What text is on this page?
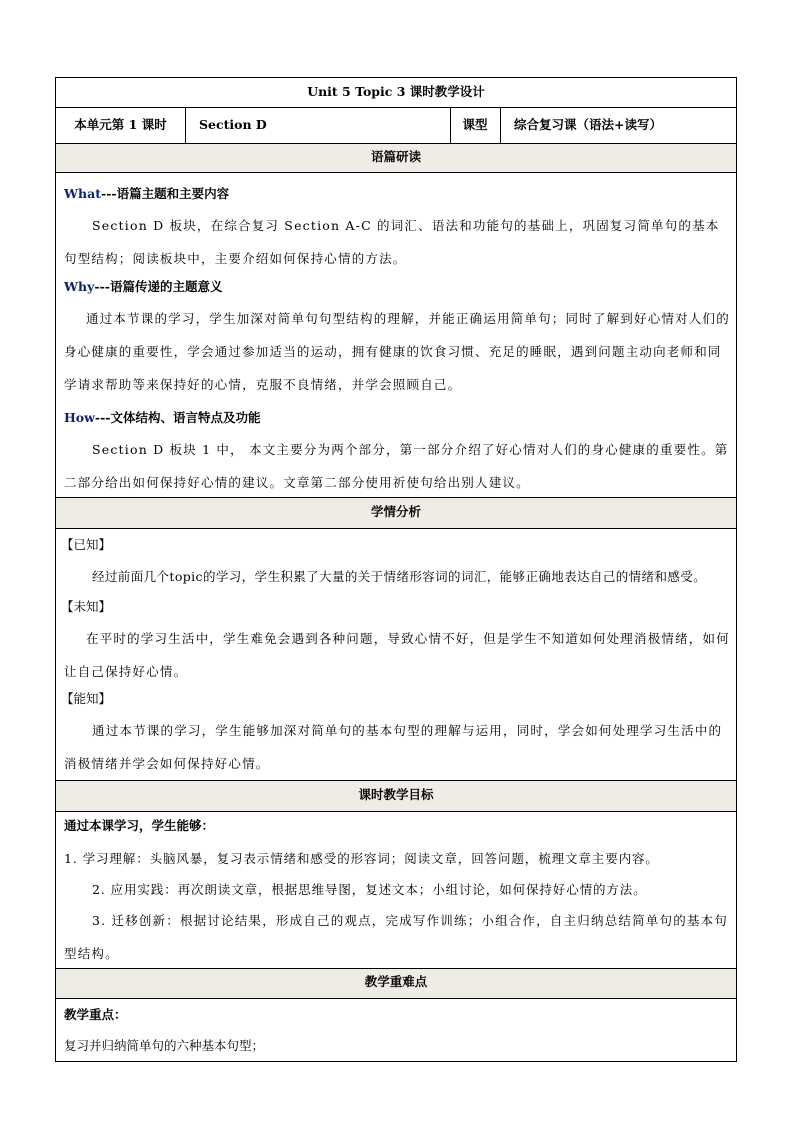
Unit 5 Topic 3 课时教学设计
本单元第 1 课时	Section D	课型	综合复习课（语法+读写）
语篇研读
What---语篇主题和主要内容
Section D 板块，在综合复习 Section A-C 的词汇、语法和功能句的基础上，巩固复习简单句的基本句型结构；阅读板块中，主要介绍如何保持心情的方法。
Why---语篇传递的主题意义
通过本节课的学习，学生加深对简单句句型结构的理解，并能正确运用简单句；同时了解到好心情对人们的身心健康的重要性，学会通过参加适当的运动，拥有健康的饮食习惯、充足的睡眠，遇到问题主动向老师和同学请求帮助等来保持好的心情，克服不良情绪，并学会照顾自己。
How---文体结构、语言特点及功能
Section D 板块 1 中， 本文主要分为两个部分，第一部分介绍了好心情对人们的身心健康的重要性。第二部分给出如何保持好心情的建议。文章第二部分使用祈使句给出别人建议。
学情分析
【已知】
经过前面几个topic的学习，学生积累了大量的关于情绪形容词的词汇，能够正确地表达自己的情绪和感受。
【未知】
在平时的学习生活中，学生难免会遇到各种问题，导致心情不好，但是学生不知道如何处理消极情绪，如何让自己保持好心情。
【能知】
通过本节课的学习，学生能够加深对简单句的基本句型的理解与运用，同时，学会如何处理学习生活中的消极情绪并学会如何保持好心情。
课时教学目标
通过本课学习，学生能够：
1. 学习理解：头脑风暴，复习表示情绪和感受的形容词；阅读文章，回答问题，梳理文章主要内容。
2. 应用实践：再次朗读文章，根据思维导图，复述文本；小组讨论，如何保持好心情的方法。
3. 迁移创新：根据讨论结果，形成自己的观点，完成写作训练；小组合作，自主归纳总结简单句的基本句型结构。
教学重难点
教学重点：
复习并归纳简单句的六种基本句型；
